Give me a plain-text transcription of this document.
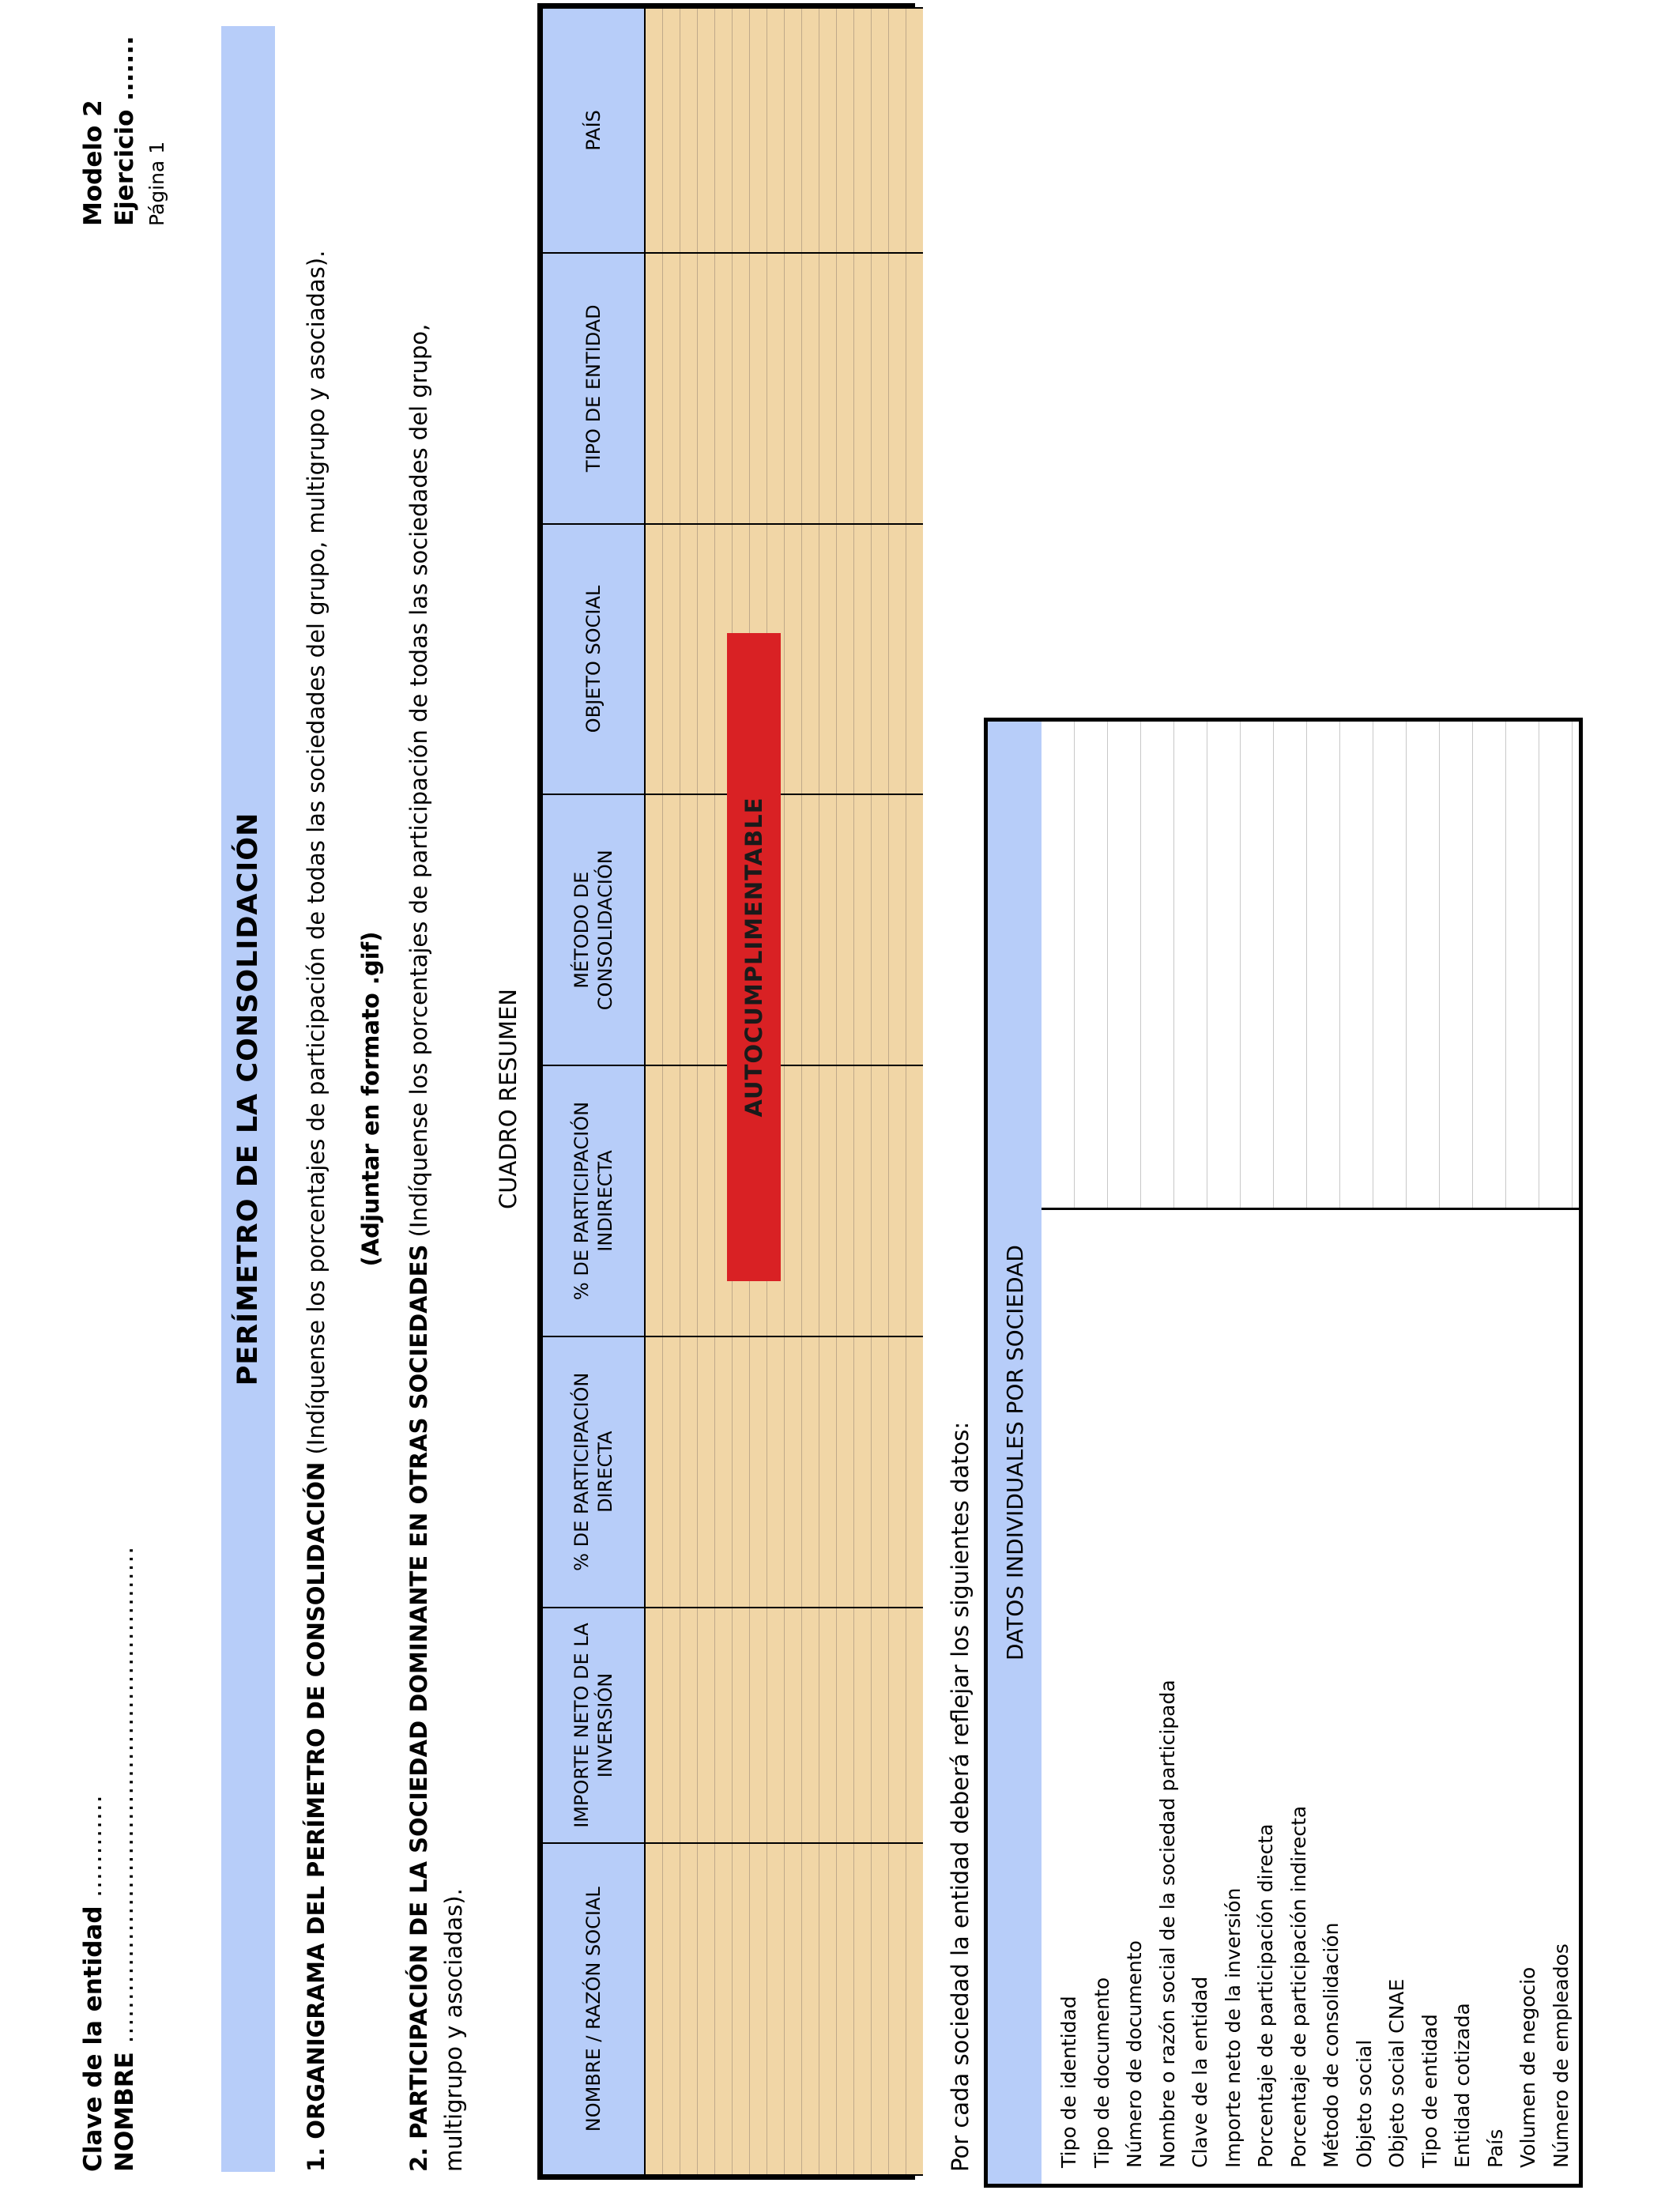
Clave de la entidad ............
NOMBRE ..........................................................
Modelo 2 Ejercicio ....... Página 1
PERÍMETRO DE LA CONSOLIDACIÓN
1. ORGANIGRAMA DEL PERÍMETRO DE CONSOLIDACIÓN (Indíquense los porcentajes de participación de todas las sociedades del grupo, multigrupo y asociadas). (Adjuntar en formato .gif)
2. PARTICIPACIÓN DE LA SOCIEDAD DOMINANTE EN OTRAS SOCIEDADES (Indíquense los porcentajes de participación de todas las sociedades del grupo,
multigrupo y asociadas).
CUADRO RESUMEN
NOMBRE / RAZÓN SOCIAL	IMPORTE NETO DE LA INVERSIÓN	% DE PARTICIPACIÓN DIRECTA	% DE PARTICIPACIÓN INDIRECTA	MÉTODO DE CONSOLIDACIÓN	OBJETO SOCIAL	TIPO DE ENTIDAD	PAÍS

AUTOCUMPLIMENTABLE
Por cada sociedad la entidad deberá reflejar los siguientes datos:	DATOS INDIVIDUALES POR SOCIEDAD
Tipo de identidad Tipo de documento Número de documento Nombre o razón social de la sociedad participada Clave de la entidad Importe neto de la inversión Porcentaje de participación directa Porcentaje de participación indirecta Método de consolidación Objeto social Objeto social CNAE Tipo de entidad Entidad cotizada País Volumen de negocio Número de empleados
